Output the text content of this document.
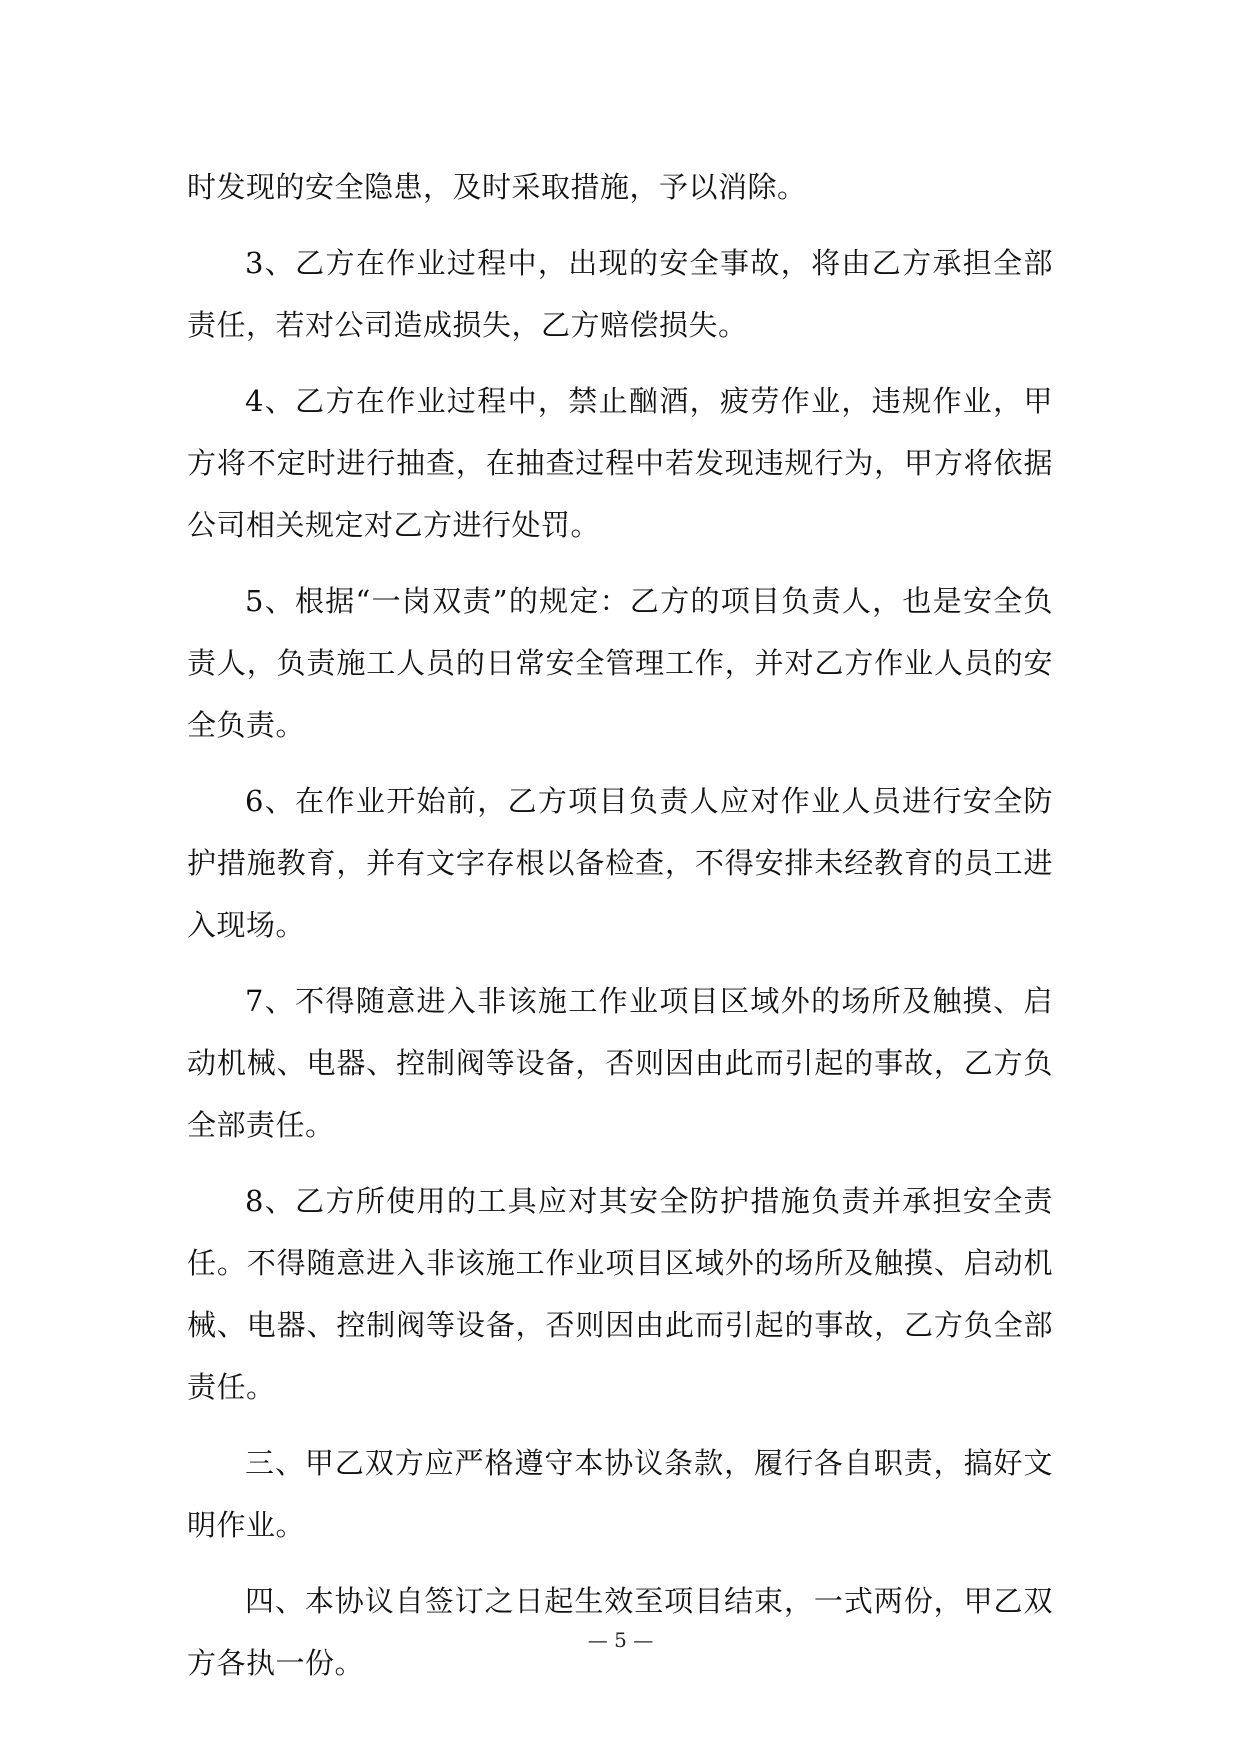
时发现的安全隐患，及时采取措施，予以消除。

3、乙方在作业过程中，出现的安全事故，将由乙方承担全部责任，若对公司造成损失，乙方赔偿损失。

4、乙方在作业过程中，禁止酗酒，疲劳作业，违规作业，甲方将不定时进行抽查，在抽查过程中若发现违规行为，甲方将依据公司相关规定对乙方进行处罚。

5、根据“一岗双责”的规定：乙方的项目负责人，也是安全负责人，负责施工人员的日常安全管理工作，并对乙方作业人员的安全负责。

6、在作业开始前，乙方项目负责人应对作业人员进行安全防护措施教育，并有文字存根以备检查，不得安排未经教育的员工进入现场。

7、不得随意进入非该施工作业项目区域外的场所及触摸、启动机械、电器、控制阀等设备，否则因由此而引起的事故，乙方负全部责任。

8、乙方所使用的工具应对其安全防护措施负责并承担安全责任。不得随意进入非该施工作业项目区域外的场所及触摸、启动机械、电器、控制阀等设备，否则因由此而引起的事故，乙方负全部责任。

三、甲乙双方应严格遵守本协议条款，履行各自职责，搞好文明作业。

四、本协议自签订之日起生效至项目结束，一式两份，甲乙双方各执一份。

— 5 —
